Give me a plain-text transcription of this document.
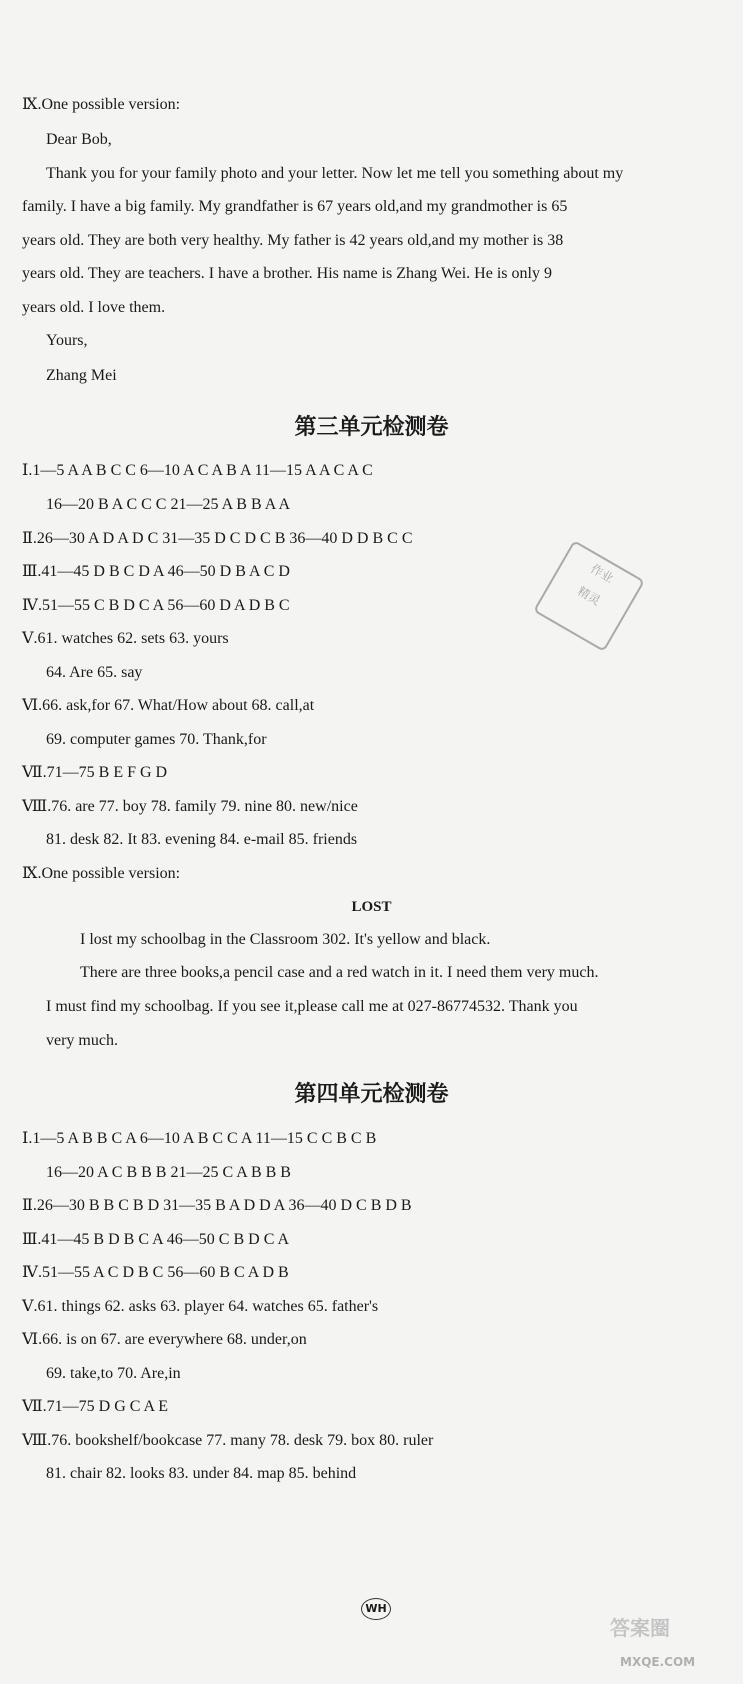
Ⅸ.One possible version:
Dear Bob,
Thank you for your family photo and your letter. Now let me tell you something about my
family. I have a big family. My grandfather is 67 years old,and my grandmother is 65
years old. They are both very healthy. My father is 42 years old,and my mother is 38
years old. They are teachers. I have a brother. His name is Zhang Wei. He is only 9
years old. I love them.
Yours,
Zhang Mei
第三单元检测卷
Ⅰ.1—5 A A B C C 6—10 A C A B A 11—15 A A C A C
16—20 B A C C C 21—25 A B B A A
Ⅱ.26—30 A D A D C 31—35 D C D C B 36—40 D D B C C
Ⅲ.41—45 D B C D A 46—50 D B A C D
Ⅳ.51—55 C B D C A 56—60 D A D B C
Ⅴ.61. watches 62. sets 63. yours
64. Are 65. say
Ⅵ.66. ask,for 67. What/How about 68. call,at
69. computer games 70. Thank,for
Ⅶ.71—75 B E F G D
Ⅷ.76. are 77. boy 78. family 79. nine 80. new/nice
81. desk 82. It 83. evening 84. e-mail 85. friends
Ⅸ.One possible version:
LOST
I lost my schoolbag in the Classroom 302. It's yellow and black.
There are three books,a pencil case and a red watch in it. I need them very much.
I must find my schoolbag. If you see it,please call me at 027-86774532. Thank you
very much.
第四单元检测卷
Ⅰ.1—5 A B B C A 6—10 A B C C A 11—15 C C B C B
16—20 A C B B B 21—25 C A B B B
Ⅱ.26—30 B B C B D 31—35 B A D D A 36—40 D C B D B
Ⅲ.41—45 B D B C A 46—50 C B D C A
Ⅳ.51—55 A C D B C 56—60 B C A D B
Ⅴ.61. things 62. asks 63. player 64. watches 65. father's
Ⅵ.66. is on 67. are everywhere 68. under,on
69. take,to 70. Are,in
Ⅶ.71—75 D G C A E
Ⅷ.76. bookshelf/bookcase 77. many 78. desk 79. box 80. ruler
81. chair 82. looks 83. under 84. map 85. behind
作业
精灵
WH
答案圈
MXQE.COM
